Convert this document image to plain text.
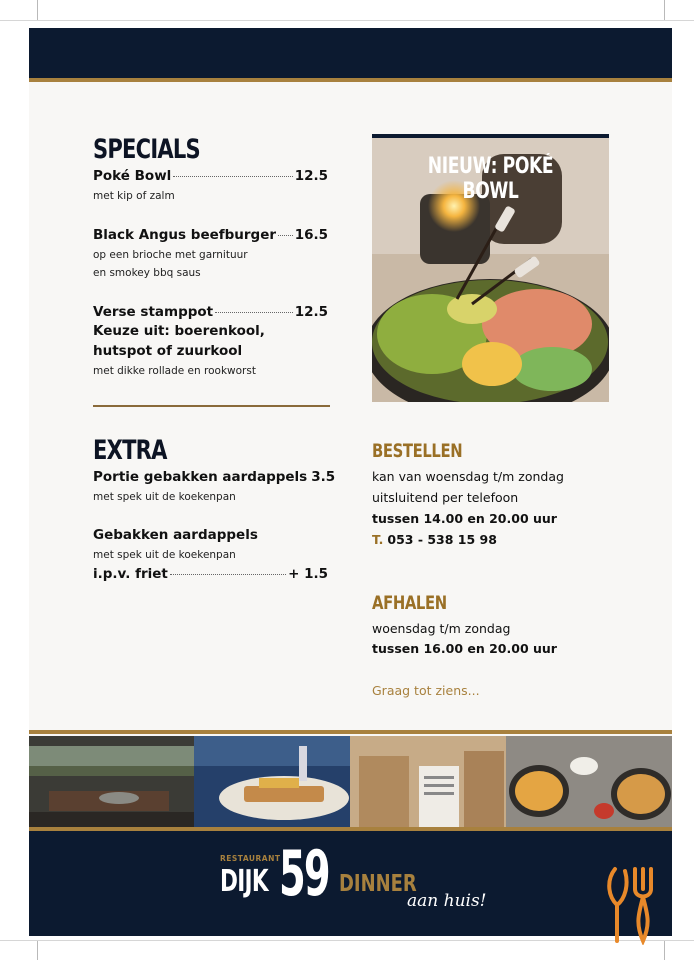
SPECIALS
Poké Bowl	12.5
met kip of zalm
Black Angus beefburger 16.5
op een brioche met garnituur
en smokey bbq saus
Verse stamppot	12.5
Keuze uit: boerenkool,
hutspot of zuurkool
met dikke rollade en rookworst
EXTRA
Portie gebakken aardappels 3.5
met spek uit de koekenpan
Gebakken aardappels
met spek uit de koekenpan
i.p.v. friet	+ 1.5
NIEUW: POKÉ BOWL
BESTELLEN
kan van woensdag t/m zondag
uitsluitend per telefoon
tussen 14.00 en 20.00 uur
T. 053 - 538 15 98
AFHALEN
woensdag t/m zondag
tussen 16.00 en 20.00 uur
Graag tot ziens...
RESTAURANT
DIJK 59 DINNER
aan huis!
